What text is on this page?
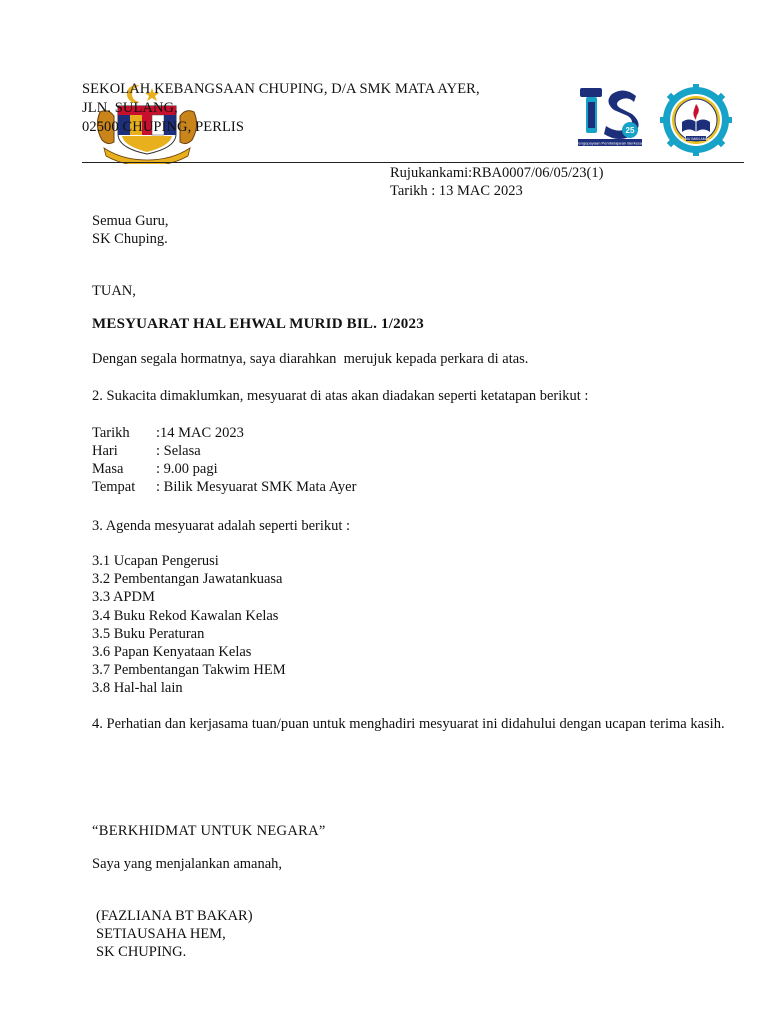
SEKOLAH KEBANGSAAN CHUPING, D/A SMK MATA AYER,
JLN. SULANG,
02500 CHUPING, PERLIS	25
Pengupayaan Pembelajaran Berkesan
ILMU IMAN AMAL
Rujukankami:RBA0007/06/05/23(1)
Tarikh : 13 MAC 2023
Semua Guru,
SK Chuping.
TUAN,
MESYUARAT HAL EHWAL MURID BIL. 1/2023
Dengan segala hormatnya, saya diarahkan  merujuk kepada perkara di atas.
2. Sukacita dimaklumkan, mesyuarat di atas akan diadakan seperti ketatapan berikut :
Tarikh	:14 MAC 2023
Hari	: Selasa
Masa	: 9.00 pagi
Tempat	: Bilik Mesyuarat SMK Mata Ayer
3. Agenda mesyuarat adalah seperti berikut :
3.1 Ucapan Pengerusi
3.2 Pembentangan Jawatankuasa
3.3 APDM
3.4 Buku Rekod Kawalan Kelas
3.5 Buku Peraturan
3.6 Papan Kenyataan Kelas
3.7 Pembentangan Takwim HEM
3.8 Hal-hal lain
4. Perhatian dan kerjasama tuan/puan untuk menghadiri mesyuarat ini didahului dengan ucapan terima kasih.
“BERKHIDMAT UNTUK NEGARA”
Saya yang menjalankan amanah,
(FAZLIANA BT BAKAR)
SETIAUSAHA HEM,
SK CHUPING.
